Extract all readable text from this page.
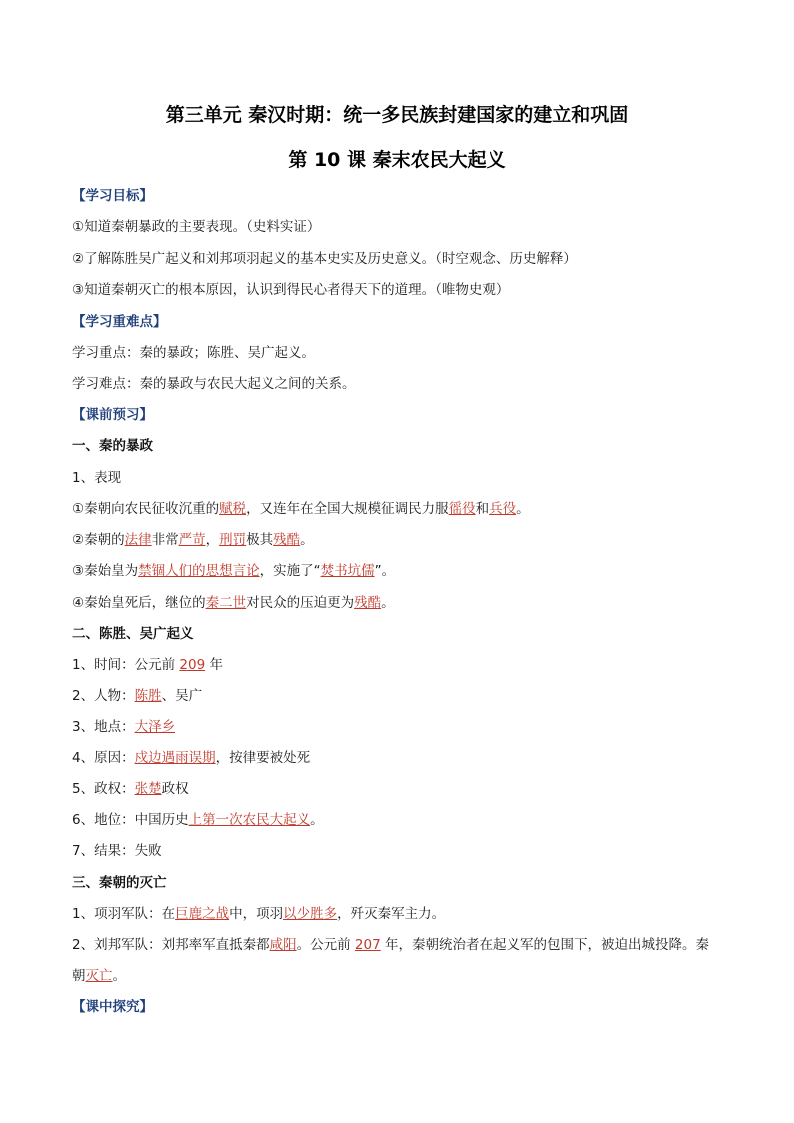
第三单元 秦汉时期：统一多民族封建国家的建立和巩固
第 10 课 秦末农民大起义
【学习目标】
①知道秦朝暴政的主要表现。（史料实证）
②了解陈胜吴广起义和刘邦项羽起义的基本史实及历史意义。（时空观念、历史解释）
③知道秦朝灭亡的根本原因，认识到得民心者得天下的道理。（唯物史观）
【学习重难点】
学习重点：秦的暴政；陈胜、吴广起义。
学习难点：秦的暴政与农民大起义之间的关系。
【课前预习】
一、秦的暴政
1、表现
①秦朝向农民征收沉重的赋税，又连年在全国大规模征调民力服徭役和兵役。
②秦朝的法律非常严苛，刑罚极其残酷。
③秦始皇为禁锢人们的思想言论，实施了“焚书坑儒”。
④秦始皇死后，继位的秦二世对民众的压迫更为残酷。
二、陈胜、吴广起义
1、时间：公元前 209 年
2、人物：陈胜、吴广
3、地点：大泽乡
4、原因：戍边遇雨误期，按律要被处死
5、政权：张楚政权
6、地位：中国历史上第一次农民大起义。
7、结果：失败
三、秦朝的灭亡
1、项羽军队：在巨鹿之战中，项羽以少胜多，歼灭秦军主力。
2、刘邦军队：刘邦率军直抵秦都咸阳。公元前 207 年，秦朝统治者在起义军的包围下，被迫出城投降。秦
朝灭亡。
【课中探究】
